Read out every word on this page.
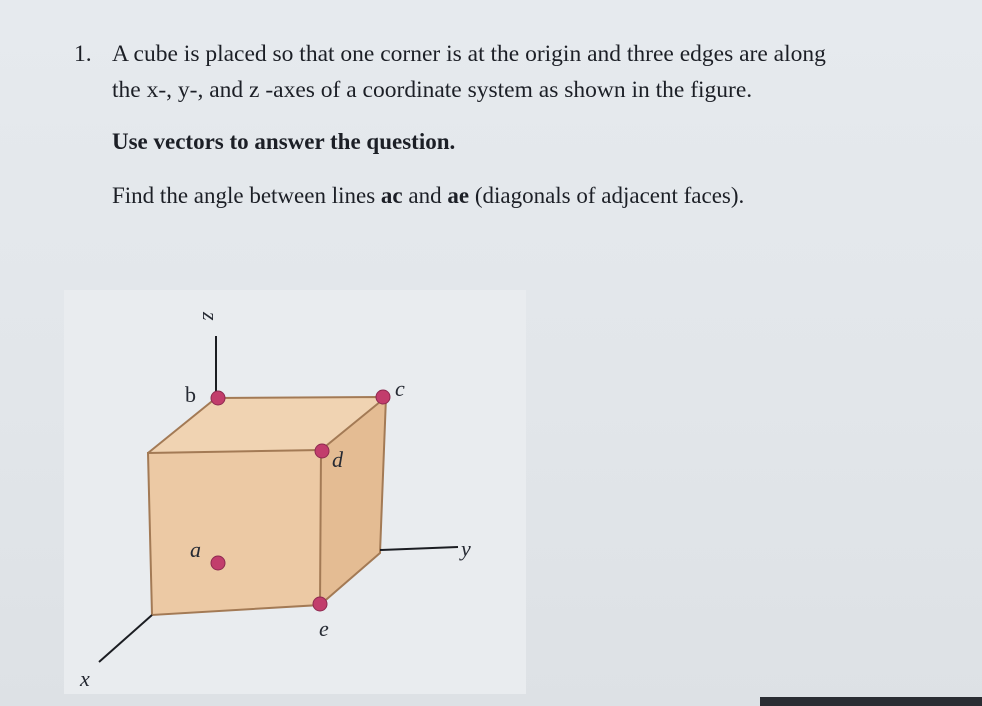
1. A cube is placed so that one corner is at the origin and three edges are along
the x-, y-, and z -axes of a coordinate system as shown in the figure.
Use vectors to answer the question.
Find the angle between lines ac and ae (diagonals of adjacent faces).
z
y
x
b	c
d
a
e
